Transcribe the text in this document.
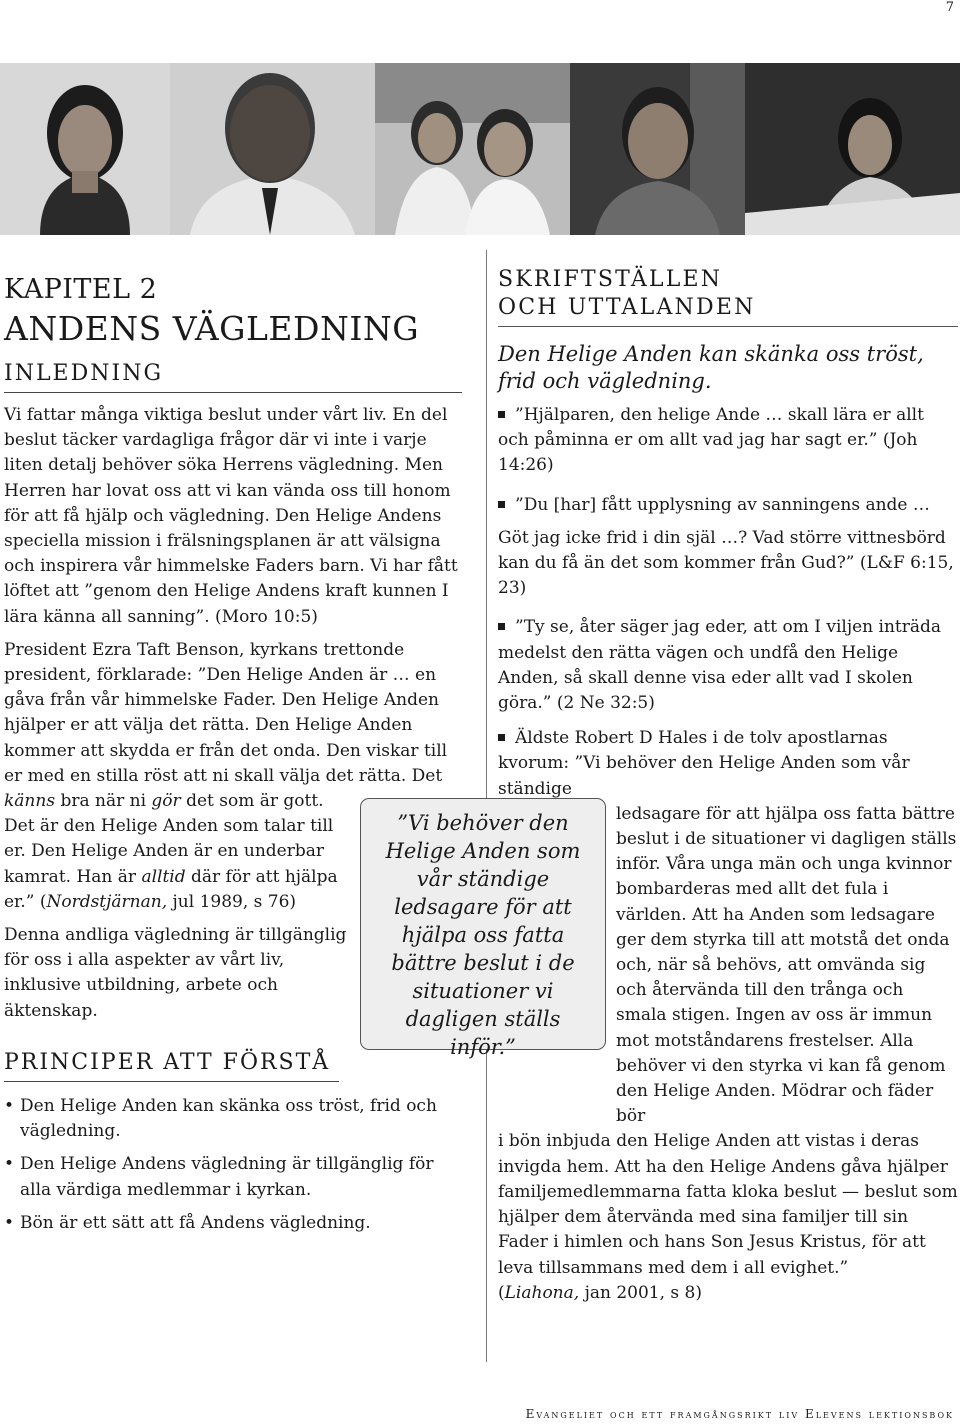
7
KAPITEL 2
ANDENS VÄGLEDNING
INLEDNING

Vi fattar många viktiga beslut under vårt liv. En del beslut täcker vardagliga frågor där vi inte i varje liten detalj behöver söka Herrens vägledning. Men Herren har lovat oss att vi kan vända oss till honom för att få hjälp och vägledning. Den Helige Andens speciella mission i frälsningsplanen är att välsigna och inspirera vår himmelske Faders barn. Vi har fått löftet att ”genom den Helige Andens kraft kunnen I lära känna all sanning”. (Moro 10:5)

President Ezra Taft Benson, kyrkans trettonde president, förklarade: ”Den Helige Anden är … en gåva från vår himmelske Fader. Den Helige Anden hjälper er att välja det rätta. Den Helige Anden kommer att skydda er från det onda. Den viskar till er med en stilla röst att ni skall välja det rätta. Det

känns bra när ni gör det som är gott. Det är den Helige Anden som talar till er. Den Helige Anden är en underbar kamrat. Han är alltid där för att hjälpa er.” (Nordstjärnan, jul 1989, s 76)

Denna andliga vägledning är tillgänglig för oss i alla aspekter av vårt liv, inklusive utbildning, arbete och äktenskap.

PRINCIPER ATT FÖRSTÅ
• Den Helige Anden kan skänka oss tröst, frid och vägledning.
• Den Helige Andens vägledning är tillgänglig för alla värdiga medlemmar i kyrkan.
• Bön är ett sätt att få Andens vägledning.
”Vi behöver den Helige Anden som vår ständige ledsagare för att hjälpa oss fatta bättre beslut i de situationer vi dagligen ställs inför.”
SKRIFTSTÄLLEN
OCH UTTALANDEN

Den Helige Anden kan skänka oss tröst, frid och vägledning.

”Hjälparen, den helige Ande … skall lära er allt och påminna er om allt vad jag har sagt er.” (Joh 14:26)

”Du [har] fått upplysning av sanningens ande …

Göt jag icke frid i din själ …? Vad större vittnesbörd kan du få än det som kommer från Gud?” (L&F 6:15, 23)

”Ty se, åter säger jag eder, att om I viljen inträda medelst den rätta vägen och undfå den Helige Anden, så skall denne visa eder allt vad I skolen göra.” (2 Ne 32:5)

Äldste Robert D Hales i de tolv apostlarnas kvorum: ”Vi behöver den Helige Anden som vår ständige

ledsagare för att hjälpa oss fatta bättre beslut i de situationer vi dagligen ställs inför. Våra unga män och unga kvinnor bombarderas med allt det fula i världen. Att ha Anden som ledsagare ger dem styrka till att motstå det onda och, när så behövs, att omvända sig och återvända till den trånga och smala stigen. Ingen av oss är immun mot motståndarens frestelser. Alla behöver vi den styrka vi kan få genom den Helige Anden. Mödrar och fäder bör

i bön inbjuda den Helige Anden att vistas i deras invigda hem. Att ha den Helige Andens gåva hjälper familjemedlemmarna fatta kloka beslut — beslut som hjälper dem återvända med sina familjer till sin Fader i himlen och hans Son Jesus Kristus, för att leva tillsammans med dem i all evighet.”
(Liahona, jan 2001, s 8)

Evangeliet och ett framgångsrikt liv Elevens lektionsbok
